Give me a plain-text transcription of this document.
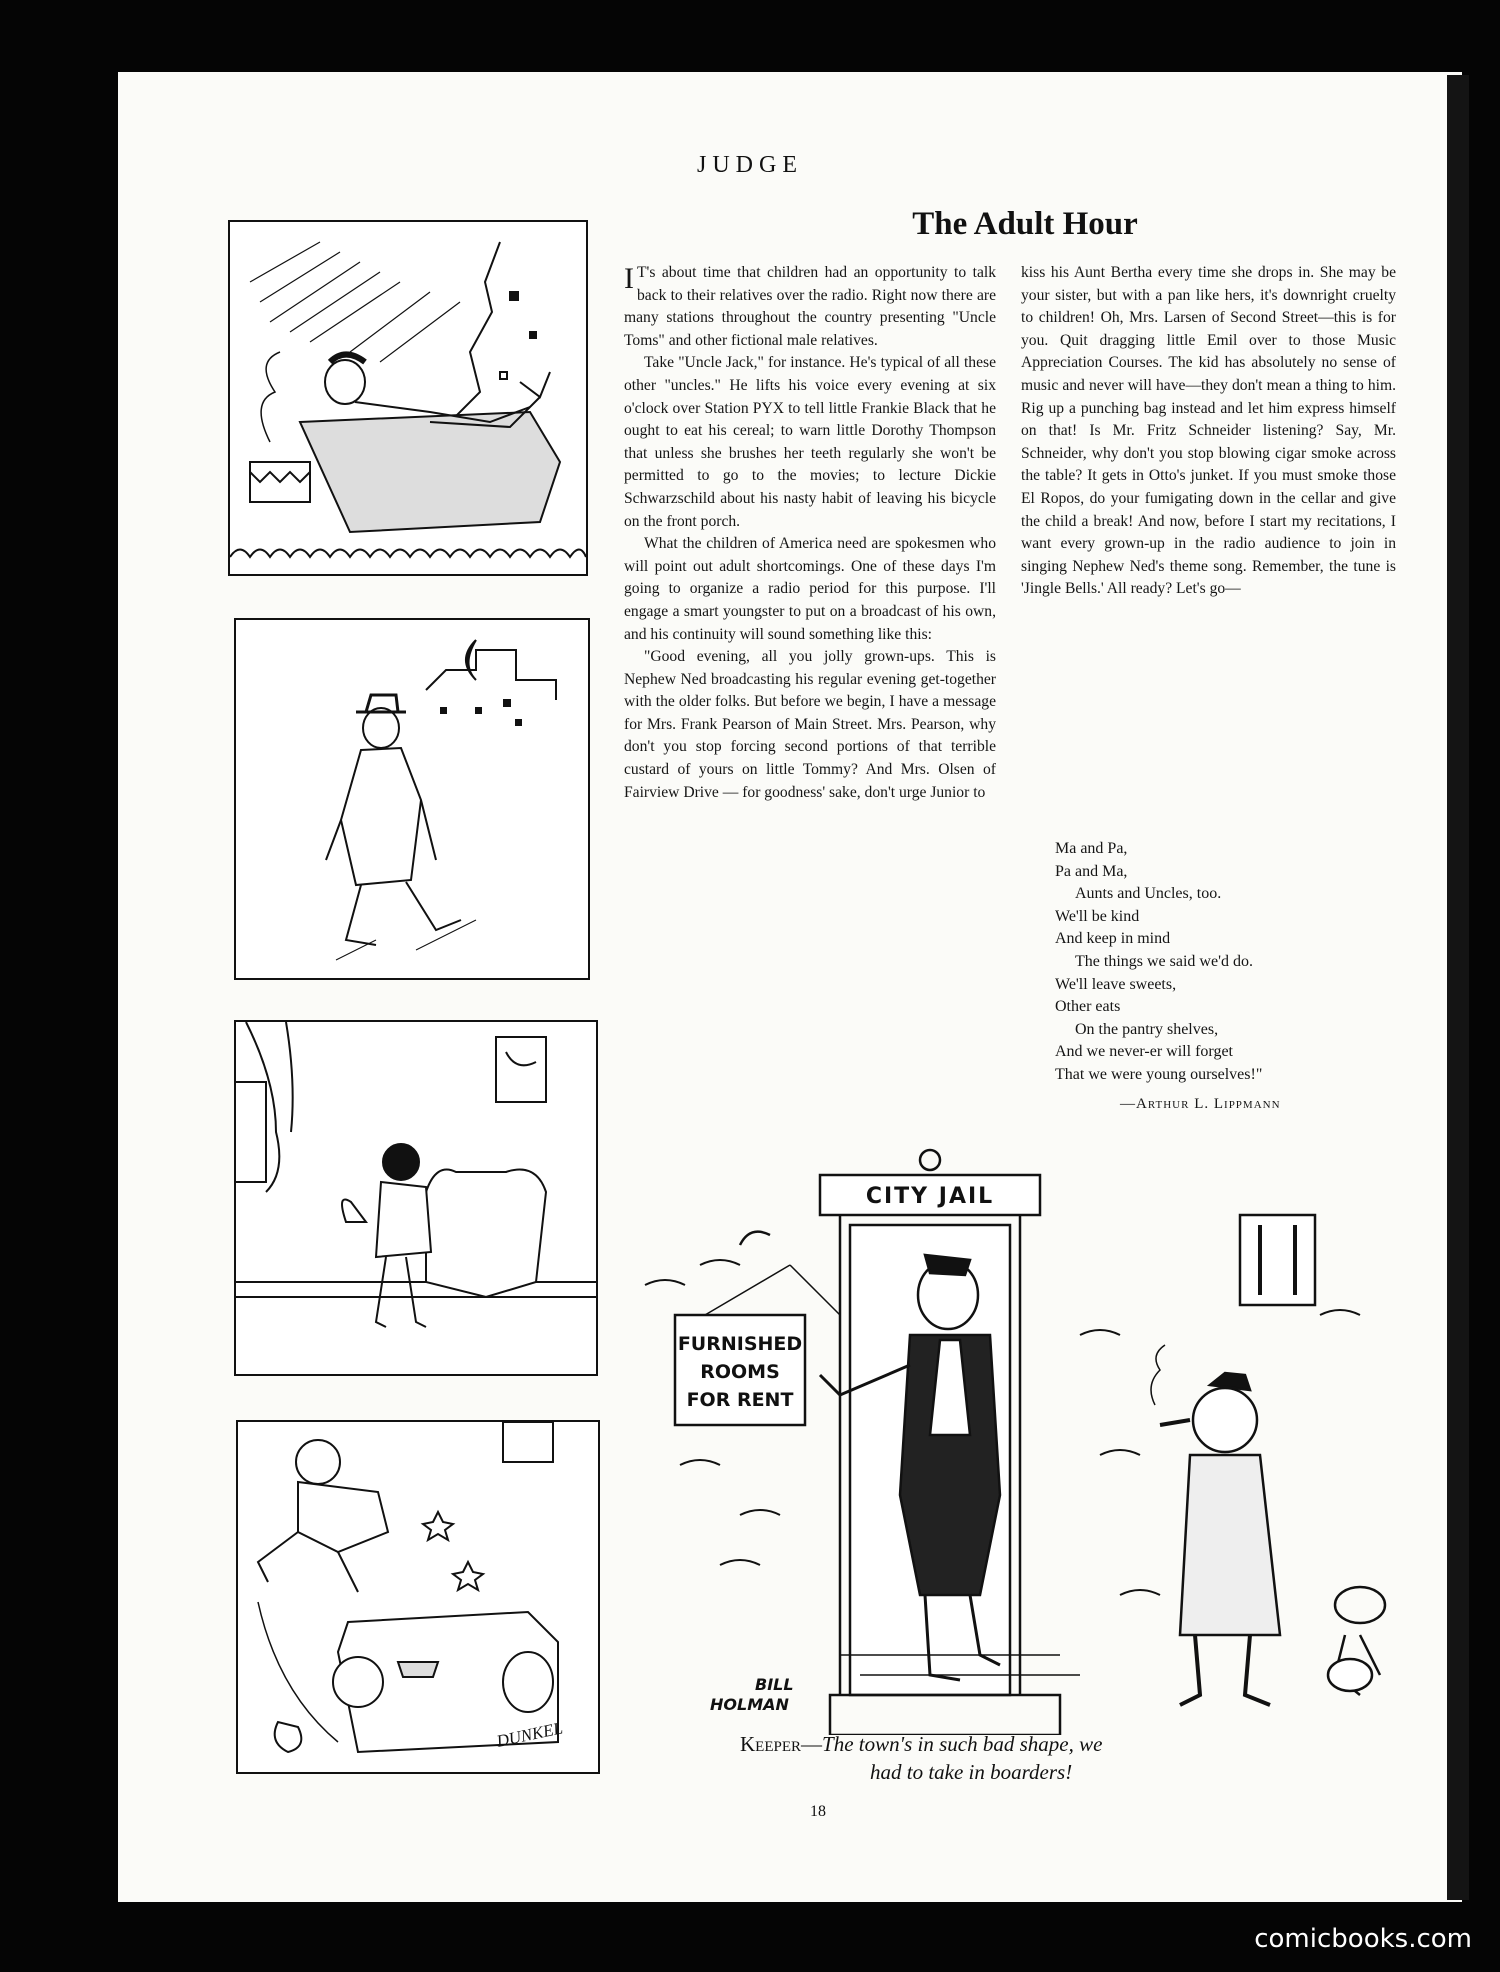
JUDGE
DUNKEL
The Adult Hour

I T's about time that children had an opportunity to talk back to their relatives over the radio. Right now there are many stations throughout the country presenting "Uncle Toms" and other fictional male relatives.

Take "Uncle Jack," for instance. He's typical of all these other "uncles." He lifts his voice every evening at six o'clock over Station PYX to tell little Frankie Black that he ought to eat his cereal; to warn little Dorothy Thompson that unless she brushes her teeth regularly she won't be permitted to go to the movies; to lecture Dickie Schwarzschild about his nasty habit of leaving his bicycle on the front porch.

What the children of America need are spokesmen who will point out adult shortcomings. One of these days I'm going to organize a radio period for this purpose. I'll engage a smart youngster to put on a broadcast of his own, and his continuity will sound something like this:

"Good evening, all you jolly grown-ups. This is Nephew Ned broadcasting his regular evening get-together with the older folks. But before we begin, I have a message for Mrs. Frank Pearson of Main Street. Mrs. Pearson, why don't you stop forcing second portions of that terrible custard of yours on little Tommy? And Mrs. Olsen of Fairview Drive — for goodness' sake, don't urge Junior to

kiss his Aunt Bertha every time she drops in. She may be your sister, but with a pan like hers, it's downright cruelty to children! Oh, Mrs. Larsen of Second Street—this is for you. Quit dragging little Emil over to those Music Appreciation Courses. The kid has absolutely no sense of music and never will have—they don't mean a thing to him. Rig up a punching bag instead and let him express himself on that! Is Mr. Fritz Schneider listening? Say, Mr. Schneider, why don't you stop blowing cigar smoke across the table? It gets in Otto's junket. If you must smoke those El Ropos, do your fumigating down in the cellar and give the child a break! And now, before I start my recitations, I want every grown-up in the radio audience to join in singing Nephew Ned's theme song. Remember, the tune is 'Jingle Bells.' All ready? Let's go—

Ma and Pa,
Pa and Ma,
Aunts and Uncles, too.
We'll be kind
And keep in mind
The things we said we'd do.
We'll leave sweets,
Other eats
On the pantry shelves,
And we never-er will forget
That we were young ourselves!"
—Arthur L. Lippmann
CITY JAIL
FURNISHED
ROOMS
FOR RENT
BILL
HOLMAN
Keeper—The town's in such bad shape, we
had to take in boarders!
18
comicbooks.com
